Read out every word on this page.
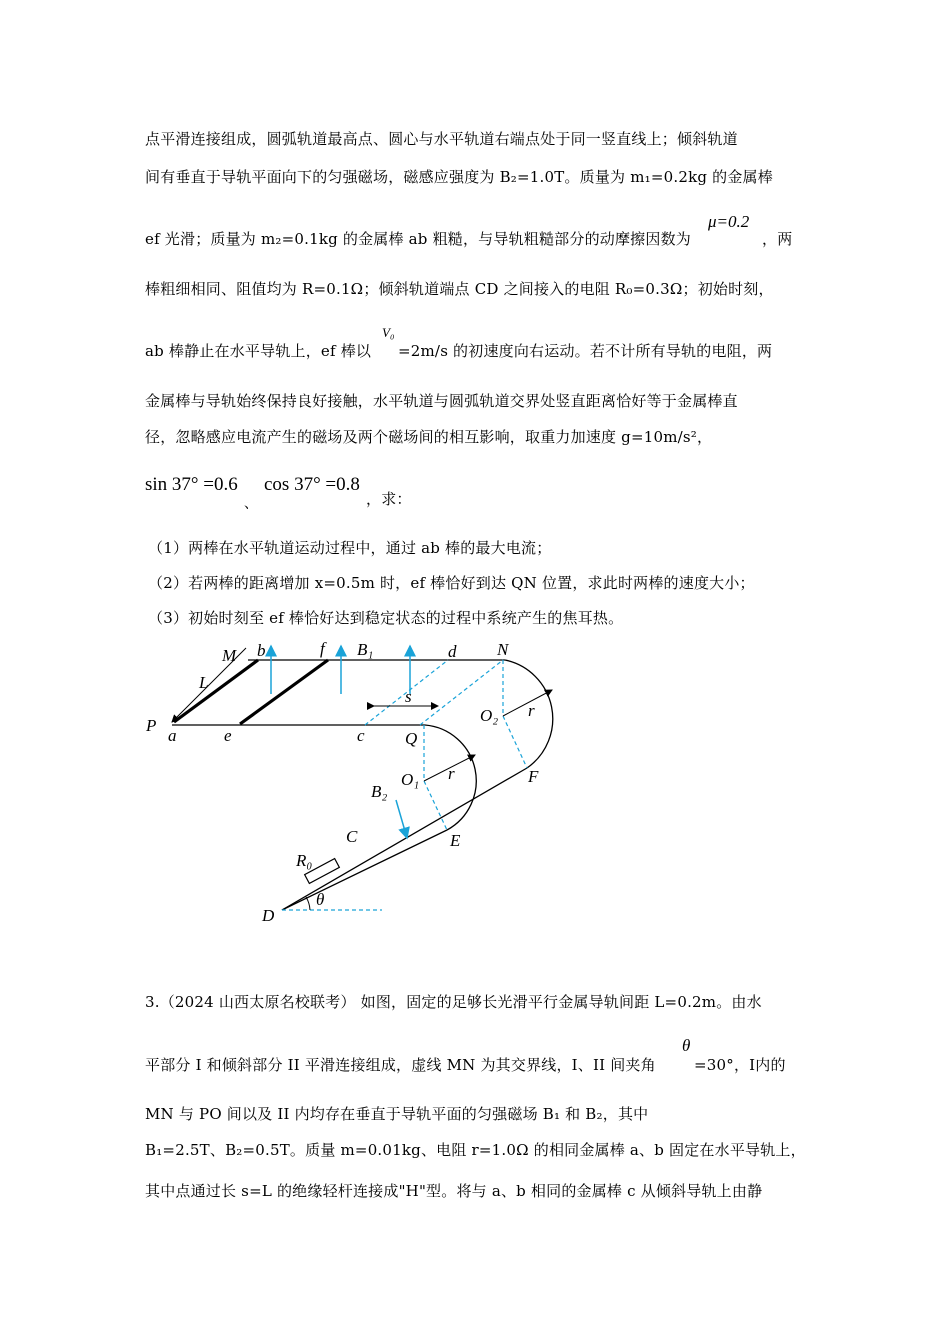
点平滑连接组成，圆弧轨道最高点、圆心与水平轨道右端点处于同一竖直线上；倾斜轨道
间有垂直于导轨平面向下的匀强磁场，磁感应强度为 B₂=1.0T。质量为 m₁=0.2kg 的金属棒
ef 光滑；质量为 m₂=0.1kg 的金属棒 ab 粗糙，与导轨粗糙部分的动摩擦因数为
μ=0.2
，两
棒粗细相同、阻值均为 R=0.1Ω；倾斜轨道端点 CD 之间接入的电阻 R₀=0.3Ω；初始时刻，
ab 棒静止在水平导轨上，ef 棒以
V₀
=2m/s 的初速度向右运动。若不计所有导轨的电阻，两
金属棒与导轨始终保持良好接触，水平轨道与圆弧轨道交界处竖直距离恰好等于金属棒直
径，忽略感应电流产生的磁场及两个磁场间的相互影响，取重力加速度 g=10m/s²，
sin 37° =0.6
、
cos 37° =0.8
，求：
（1）两棒在水平轨道运动过程中，通过 ab 棒的最大电流；
（2）若两棒的距离增加 x=0.5m 时，ef 棒恰好到达 QN 位置，求此时两棒的速度大小；
（3）初始时刻至 ef 棒恰好达到稳定状态的过程中系统产生的焦耳热。
M b	f B₁	d N
L
s
P
a	e	c Q
O₂ r
O₁ r	F
B₂
C	E
R₀
D
θ
3.（2024 山西太原名校联考） 如图，固定的足够长光滑平行金属导轨间距 L=0.2m。由水
平部分 I 和倾斜部分 II 平滑连接组成，虚线 MN 为其交界线，I、II 间夹角
θ
=30°，Ⅰ内的
MN 与 PO 间以及 II 内均存在垂直于导轨平面的匀强磁场 B₁ 和 B₂，其中
B₁=2.5T、B₂=0.5T。质量 m=0.01kg、电阻 r=1.0Ω 的相同金属棒 a、b 固定在水平导轨上，
其中点通过长 s=L 的绝缘轻杆连接成"H"型。将与 a、b 相同的金属棒 c 从倾斜导轨上由静
